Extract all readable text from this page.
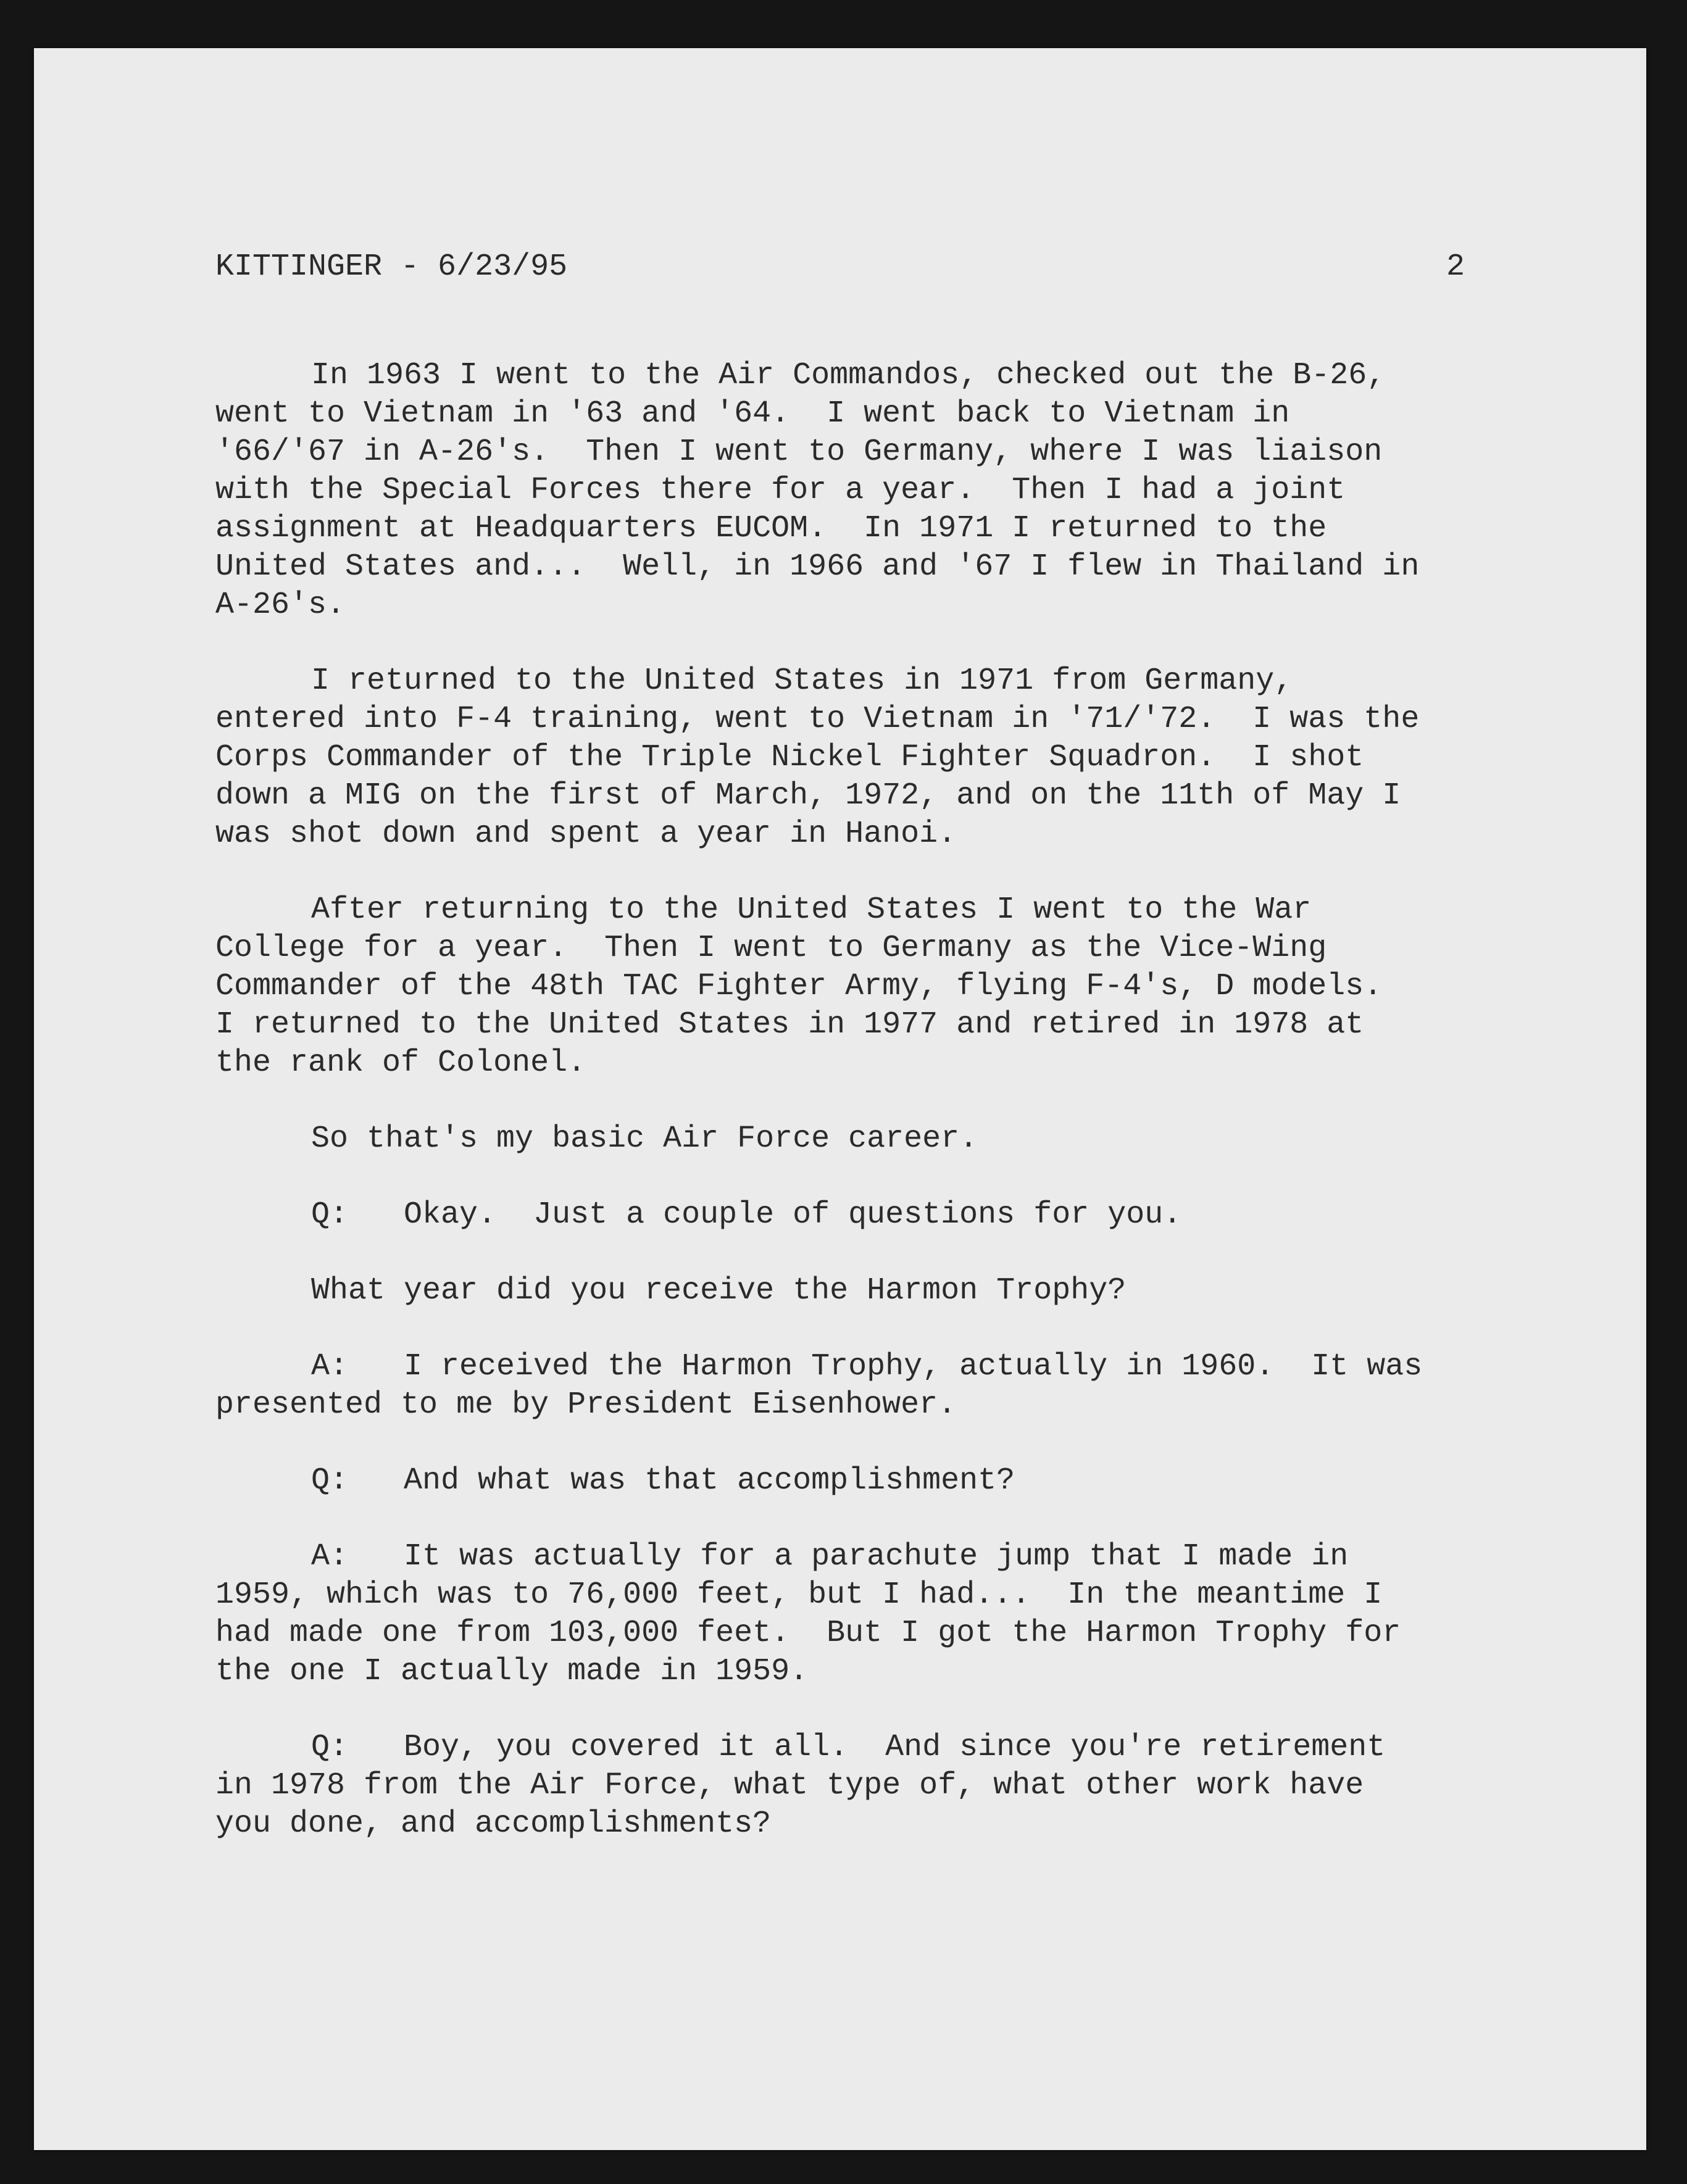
KITTINGER - 6/23/95	2
In 1963 I went to the Air Commandos, checked out the B-26,
went to Vietnam in '63 and '64.  I went back to Vietnam in
'66/'67 in A-26's.  Then I went to Germany, where I was liaison
with the Special Forces there for a year.  Then I had a joint
assignment at Headquarters EUCOM.  In 1971 I returned to the
United States and...  Well, in 1966 and '67 I flew in Thailand in
A-26's.
I returned to the United States in 1971 from Germany,
entered into F-4 training, went to Vietnam in '71/'72.  I was the
Corps Commander of the Triple Nickel Fighter Squadron.  I shot
down a MIG on the first of March, 1972, and on the 11th of May I
was shot down and spent a year in Hanoi.
After returning to the United States I went to the War
College for a year.  Then I went to Germany as the Vice-Wing
Commander of the 48th TAC Fighter Army, flying F-4's, D models.
I returned to the United States in 1977 and retired in 1978 at
the rank of Colonel.
So that's my basic Air Force career.
Q:   Okay.  Just a couple of questions for you.
What year did you receive the Harmon Trophy?
A:   I received the Harmon Trophy, actually in 1960.  It was
presented to me by President Eisenhower.
Q:   And what was that accomplishment?
A:   It was actually for a parachute jump that I made in
1959, which was to 76,000 feet, but I had...  In the meantime I
had made one from 103,000 feet.  But I got the Harmon Trophy for
the one I actually made in 1959.
Q:   Boy, you covered it all.  And since you're retirement
in 1978 from the Air Force, what type of, what other work have
you done, and accomplishments?
